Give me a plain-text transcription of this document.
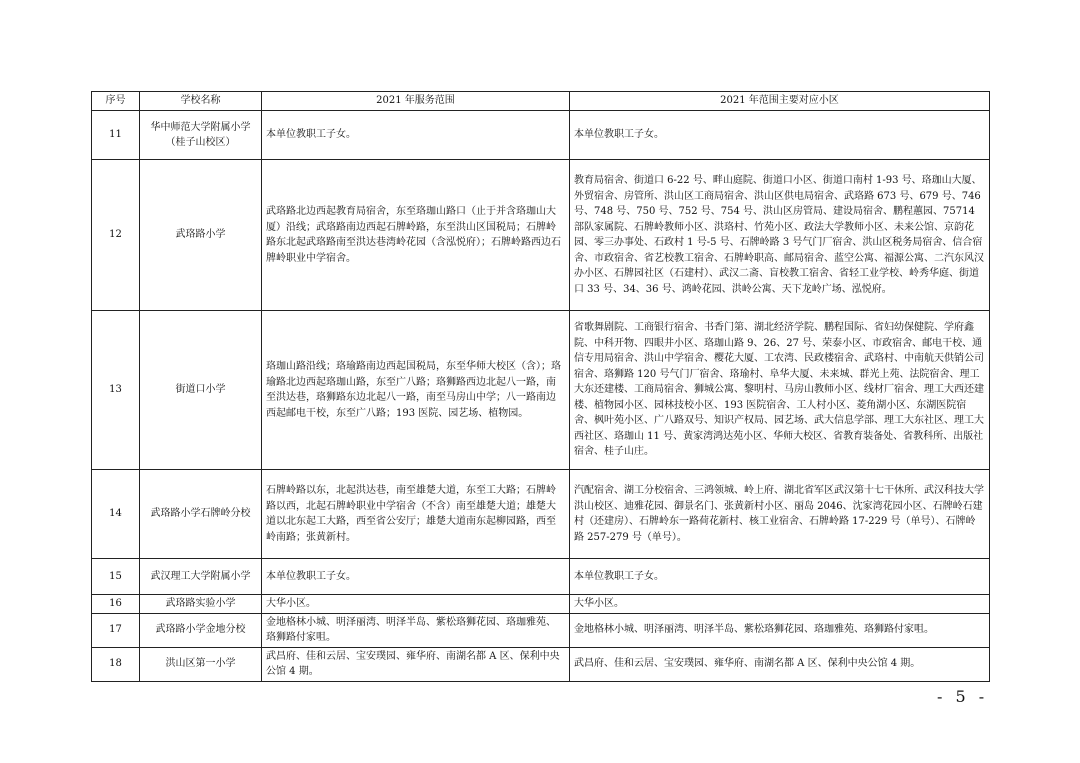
序号	学校名称	2021 年服务范围	2021 年范围主要对应小区
11	华中师范大学附属小学（桂子山校区）	本单位教职工子女。	本单位教职工子女。
12	武珞路小学	武珞路北边西起教育局宿舍，东至珞珈山路口（止于并含珞珈山大厦）沿线；武珞路南边西起石牌岭路，东至洪山区国税局；石牌岭路东北起武珞路南至洪达巷湾岭花园（含泓悦府）；石牌岭路西边石牌岭职业中学宿舍。	教育局宿舍、街道口 6-22 号、畔山庭院、街道口小区、街道口南村 1-93 号、珞珈山大厦、外贸宿舍、房管所、洪山区工商局宿舍、洪山区供电局宿舍、武珞路 673 号、679 号、746 号、748 号、750 号、752 号、754 号、洪山区房管局、建设局宿舍、鹏程蕙园、75714 部队家属院、石牌岭教师小区、洪珞村、竹苑小区、政法大学教师小区、未来公馆、京韵花园、零三办事处、石政村 1 号-5 号、石牌岭路 3 号气门厂宿舍、洪山区税务局宿舍、信合宿舍、市政宿舍、省艺校教工宿舍、石牌岭职高、邮局宿舍、蓝空公寓、福源公寓、二汽东风汉办小区、石牌园社区（石建村）、武汉二斋、盲校教工宿舍、省轻工业学校、岭秀华庭、街道口 33 号、34、36 号、鸿岭花园、洪岭公寓、天下龙岭广场、泓悦府。
13	街道口小学	珞珈山路沿线；珞瑜路南边西起国税局，东至华师大校区（含）；珞瑜路北边西起珞珈山路，东至广八路；珞狮路西边北起八一路，南至洪达巷，珞狮路东边北起八一路，南至马房山中学；八一路南边西起邮电干校，东至广八路；193 医院、园艺场、植物园。	省歌舞剧院、工商银行宿舍、书香门第、湖北经济学院、鹏程国际、省妇幼保健院、学府鑫院、中科开物、四眼井小区、珞珈山路 9、26、27 号、荣泰小区、市政宿舍、邮电干校、通信专用局宿舍、洪山中学宿舍、樱花大厦、工农湾、民政楼宿舍、武珞村、中南航天供销公司宿舍、珞狮路 120 号气门厂宿舍、珞瑜村、阜华大厦、未来城、群光上苑、法院宿舍、理工大东还建楼、工商局宿舍、狮城公寓、黎明村、马房山教师小区、线材厂宿舍、理工大西还建楼、植物园小区、园林技校小区、193 医院宿舍、工人村小区、菱角湖小区、东湖医院宿舍、枫叶苑小区、广八路双号、知识产权局、园艺场、武大信息学部、理工大东社区、理工大西社区、珞珈山 11 号、黄家湾鸿达苑小区、华师大校区、省教育装备处、省教科所、出版社宿舍、桂子山庄。
14	武珞路小学石牌岭分校	石牌岭路以东，北起洪达巷，南至雄楚大道，东至工大路；石牌岭路以西，北起石牌岭职业中学宿舍（不含）南至雄楚大道；雄楚大道以北东起工大路，西至省公安厅；雄楚大道南东起柳园路，西至岭南路；张黄新村。	汽配宿舍、湖工分校宿舍、三鸿领城、岭上府、湖北省军区武汉第十七干休所、武汉科技大学洪山校区、迪雅花园、御景名门、张黄新村小区、丽岛 2046、沈家湾花园小区、石牌岭石建村（还建房）、石牌岭东一路荷花新村、核工业宿舍、石牌岭路 17-229 号（单号）、石牌岭路 257-279 号（单号）。
15	武汉理工大学附属小学	本单位教职工子女。	本单位教职工子女。
16	武珞路实验小学	大华小区。	大华小区。
17	武珞路小学金地分校	金地格林小城、明泽丽湾、明泽半岛、紫松珞狮花园、珞珈雅苑、珞狮路付家咀。	金地格林小城、明泽丽湾、明泽半岛、紫松珞狮花园、珞珈雅苑、珞狮路付家咀。
18	洪山区第一小学	武昌府、佳和云居、宝安璞园、雍华府、南湖名都 A 区、保利中央公馆 4 期。	武昌府、佳和云居、宝安璞园、雍华府、南湖名都 A 区、保利中央公馆 4 期。
- 5 -
